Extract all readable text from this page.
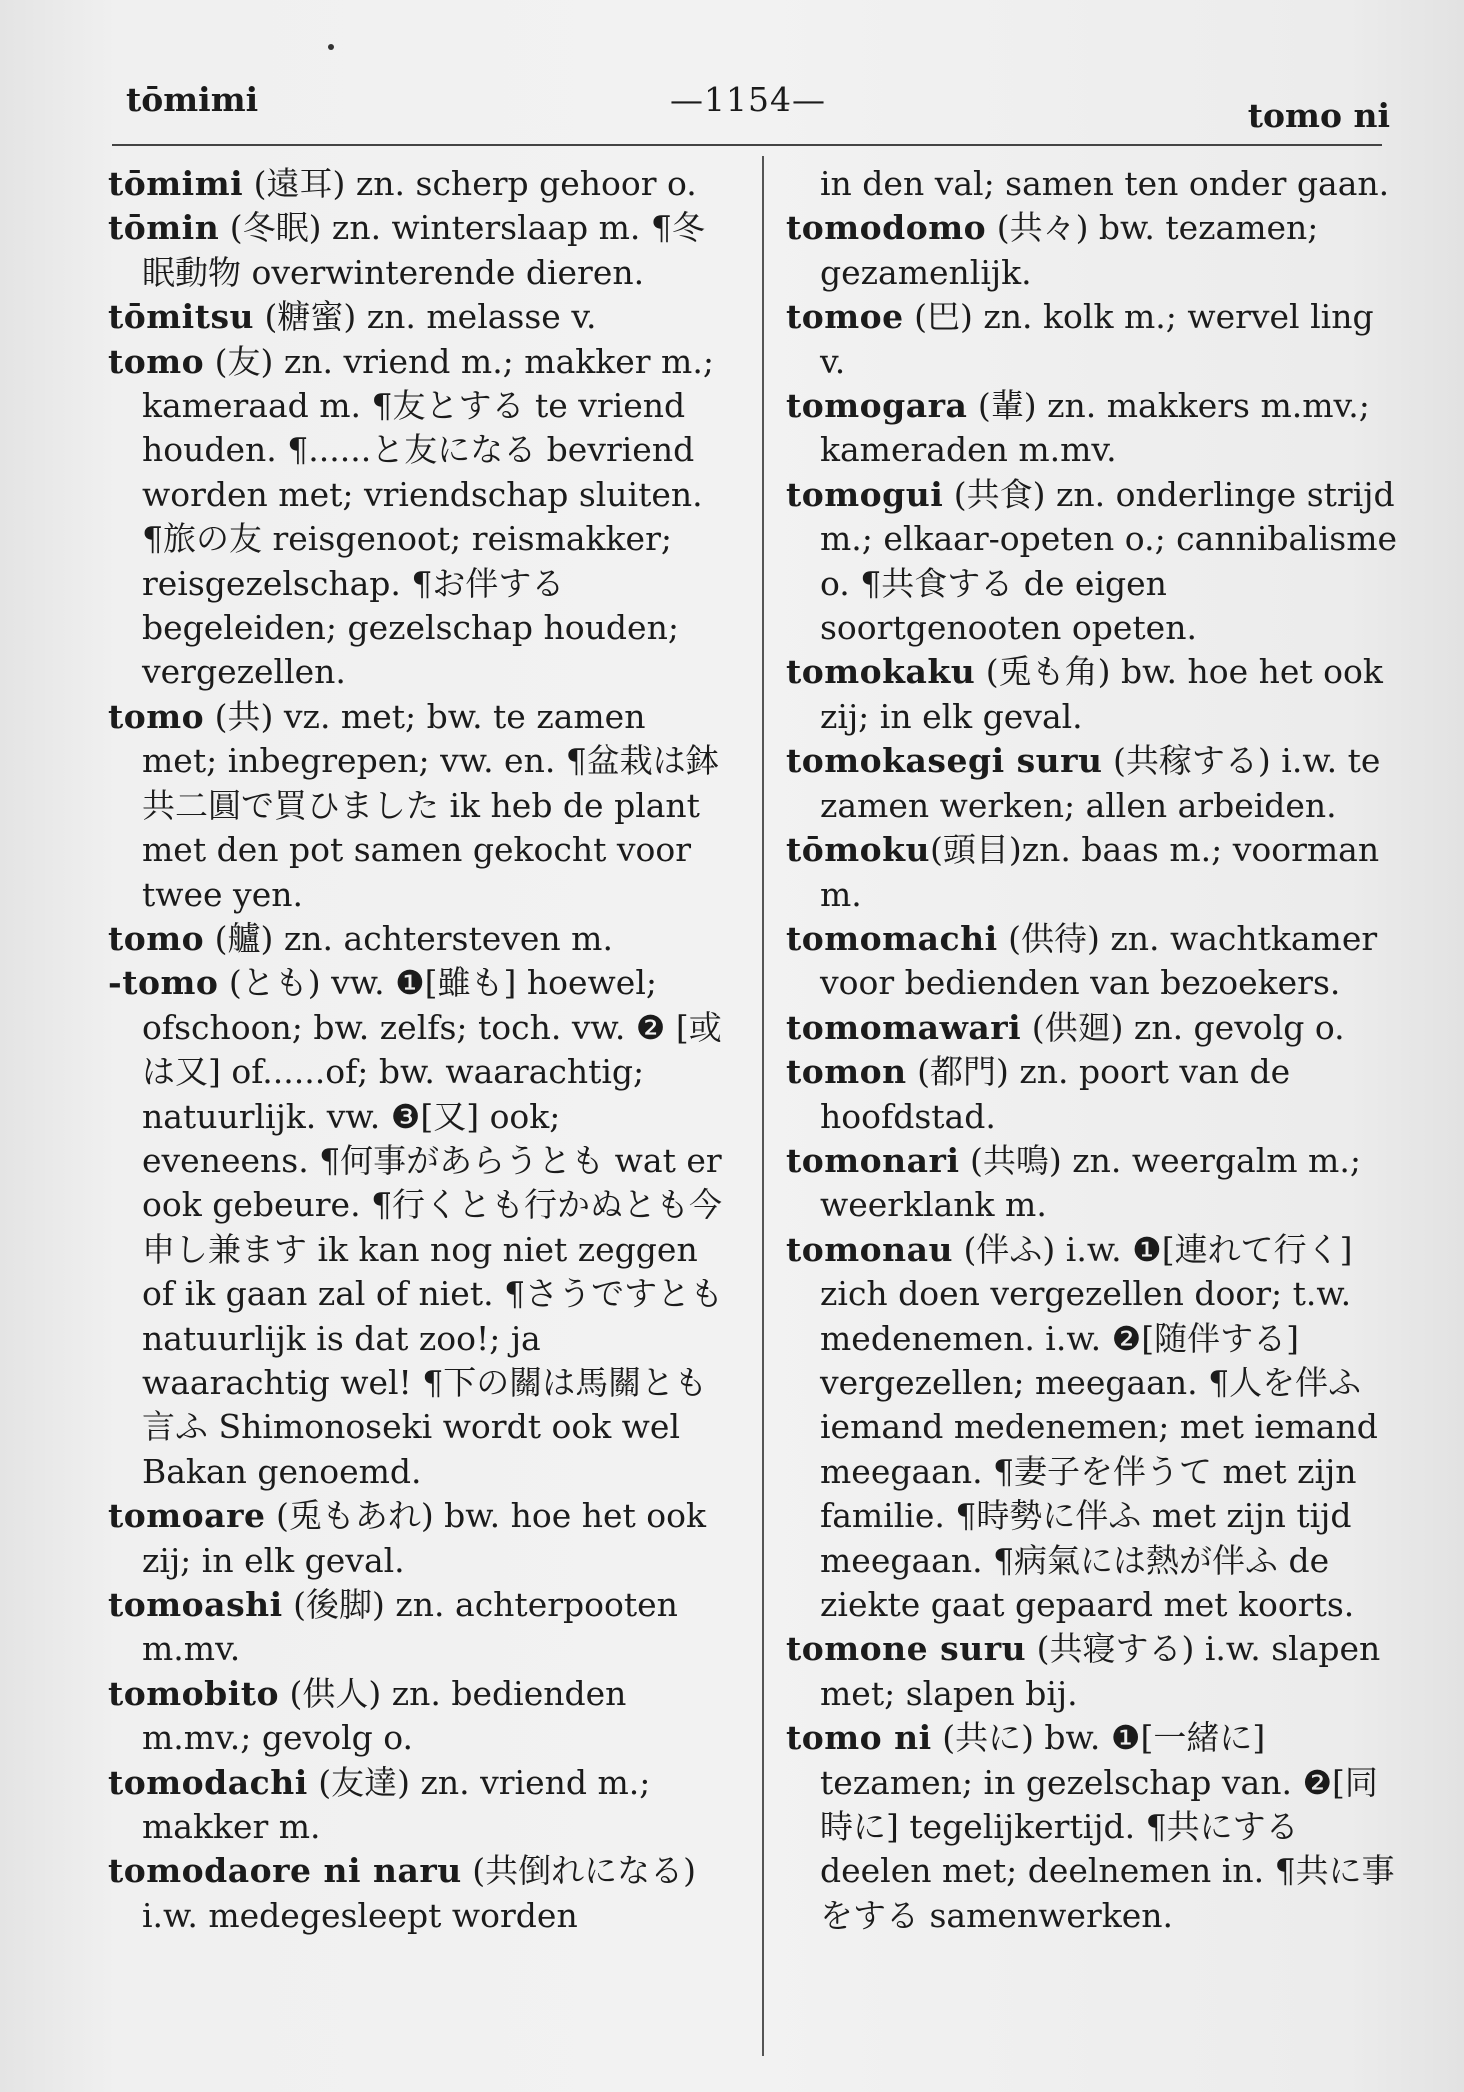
tōmimi	—1154—	tomo ni

tōmimi (遠耳) zn. scherp gehoor o.

tōmin (冬眠) zn. winterslaap m. ¶冬眠動物 overwinterende dieren.

tōmitsu (糖蜜) zn. melasse v.

tomo (友) zn. vriend m.; makker m.; kameraad m. ¶友とする te vriend houden. ¶......と友になる bevriend worden met; vriendschap sluiten. ¶旅の友 reisgenoot; reismakker; reisgezelschap. ¶お伴する begeleiden; gezelschap houden; vergezellen.

tomo (共) vz. met; bw. te zamen met; inbegrepen; vw. en. ¶盆栽は鉢共二圓で買ひました ik heb de plant met den pot samen gekocht voor twee yen.

tomo (艫) zn. achtersteven m.

-tomo (とも) vw. ❶[雖も] hoewel; ofschoon; bw. zelfs; toch. vw. ❷ [或は又] of......of; bw. waarachtig; natuurlijk. vw. ❸[又] ook; eveneens. ¶何事があらうとも wat er ook gebeure. ¶行くとも行かぬとも今申し兼ます ik kan nog niet zeggen of ik gaan zal of niet. ¶さうですとも natuurlijk is dat zoo!; ja waarachtig wel! ¶下の關は馬關とも言ふ Shimonoseki wordt ook wel Bakan genoemd.

tomoare (兎もあれ) bw. hoe het ook zij; in elk geval.

tomoashi (後脚) zn. achterpooten m.mv.

tomobito (供人) zn. bedienden m.mv.; gevolg o.

tomodachi (友達) zn. vriend m.; makker m.

tomodaore ni naru (共倒れになる) i.w. medegesleept worden

in den val; samen ten onder gaan.

tomodomo (共々) bw. tezamen; gezamenlijk.

tomoe (巴) zn. kolk m.; wervel ling v.

tomogara (輩) zn. makkers m.mv.; kameraden m.mv.

tomogui (共食) zn. onderlinge strijd m.; elkaar-opeten o.; cannibalisme o. ¶共食する de eigen soortgenooten opeten.

tomokaku (兎も角) bw. hoe het ook zij; in elk geval.

tomokasegi suru (共稼する) i.w. te zamen werken; allen arbeiden.

tōmoku(頭目)zn. baas m.; voorman m.

tomomachi (供待) zn. wachtkamer voor bedienden van bezoekers.

tomomawari (供廻) zn. gevolg o.

tomon (都門) zn. poort van de hoofdstad.

tomonari (共鳴) zn. weergalm m.; weerklank m.

tomonau (伴ふ) i.w. ❶[連れて行く] zich doen vergezellen door; t.w. medenemen. i.w. ❷[随伴する] vergezellen; meegaan. ¶人を伴ふ iemand medenemen; met iemand meegaan. ¶妻子を伴うて met zijn familie. ¶時勢に伴ふ met zijn tijd meegaan. ¶病氣には熱が伴ふ de ziekte gaat gepaard met koorts.

tomone suru (共寝する) i.w. slapen met; slapen bij.

tomo ni (共に) bw. ❶[一緒に] tezamen; in gezelschap van. ❷[同時に] tegelijkertijd. ¶共にする deelen met; deelnemen in. ¶共に事をする samenwerken.
